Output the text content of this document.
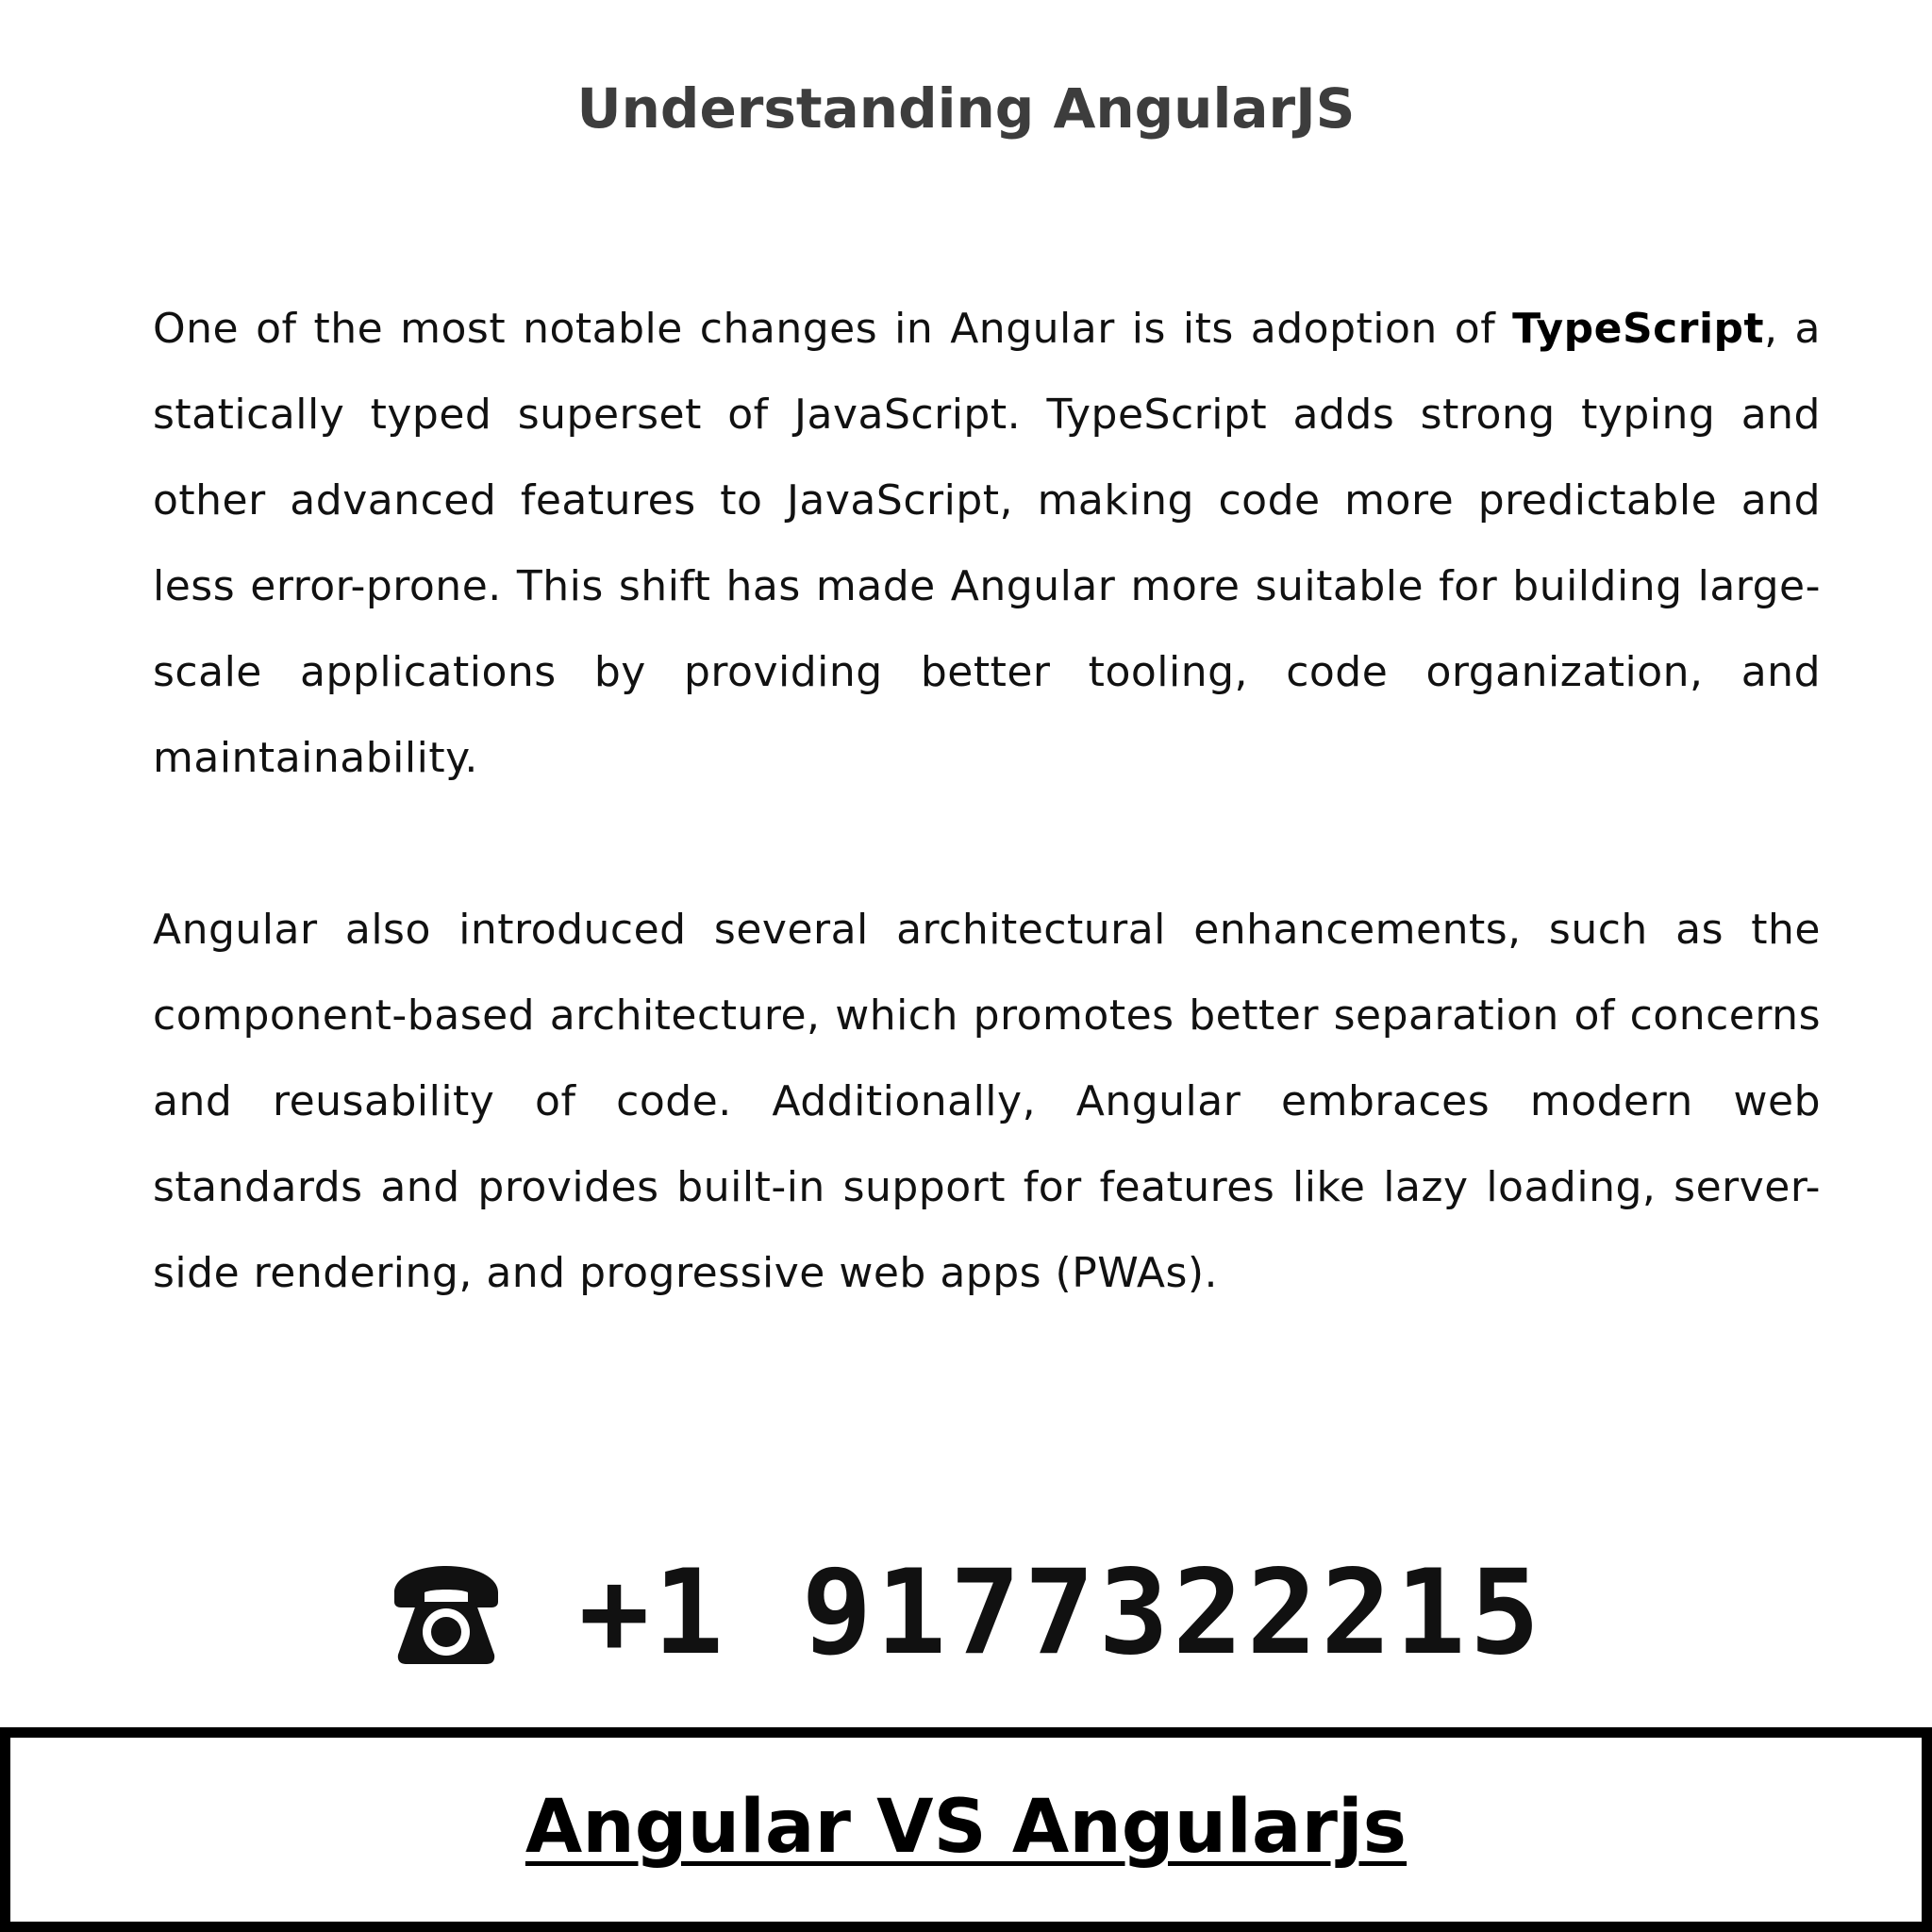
Understanding AngularJS

One of the most notable changes in Angular is its adoption of TypeScript, a statically typed superset of JavaScript. TypeScript adds strong typing and other advanced features to JavaScript, making code more predictable and less error-prone. This shift has made Angular more suitable for building large-scale applications by providing better tooling, code organization, and maintainability.

Angular also introduced several architectural enhancements, such as the component-based architecture, which promotes better separation of concerns and reusability of code. Additionally, Angular embraces modern web standards and provides built-in support for features like lazy loading, server-side rendering, and progressive web apps (PWAs).

+1 9177322215
Angular VS Angularjs
